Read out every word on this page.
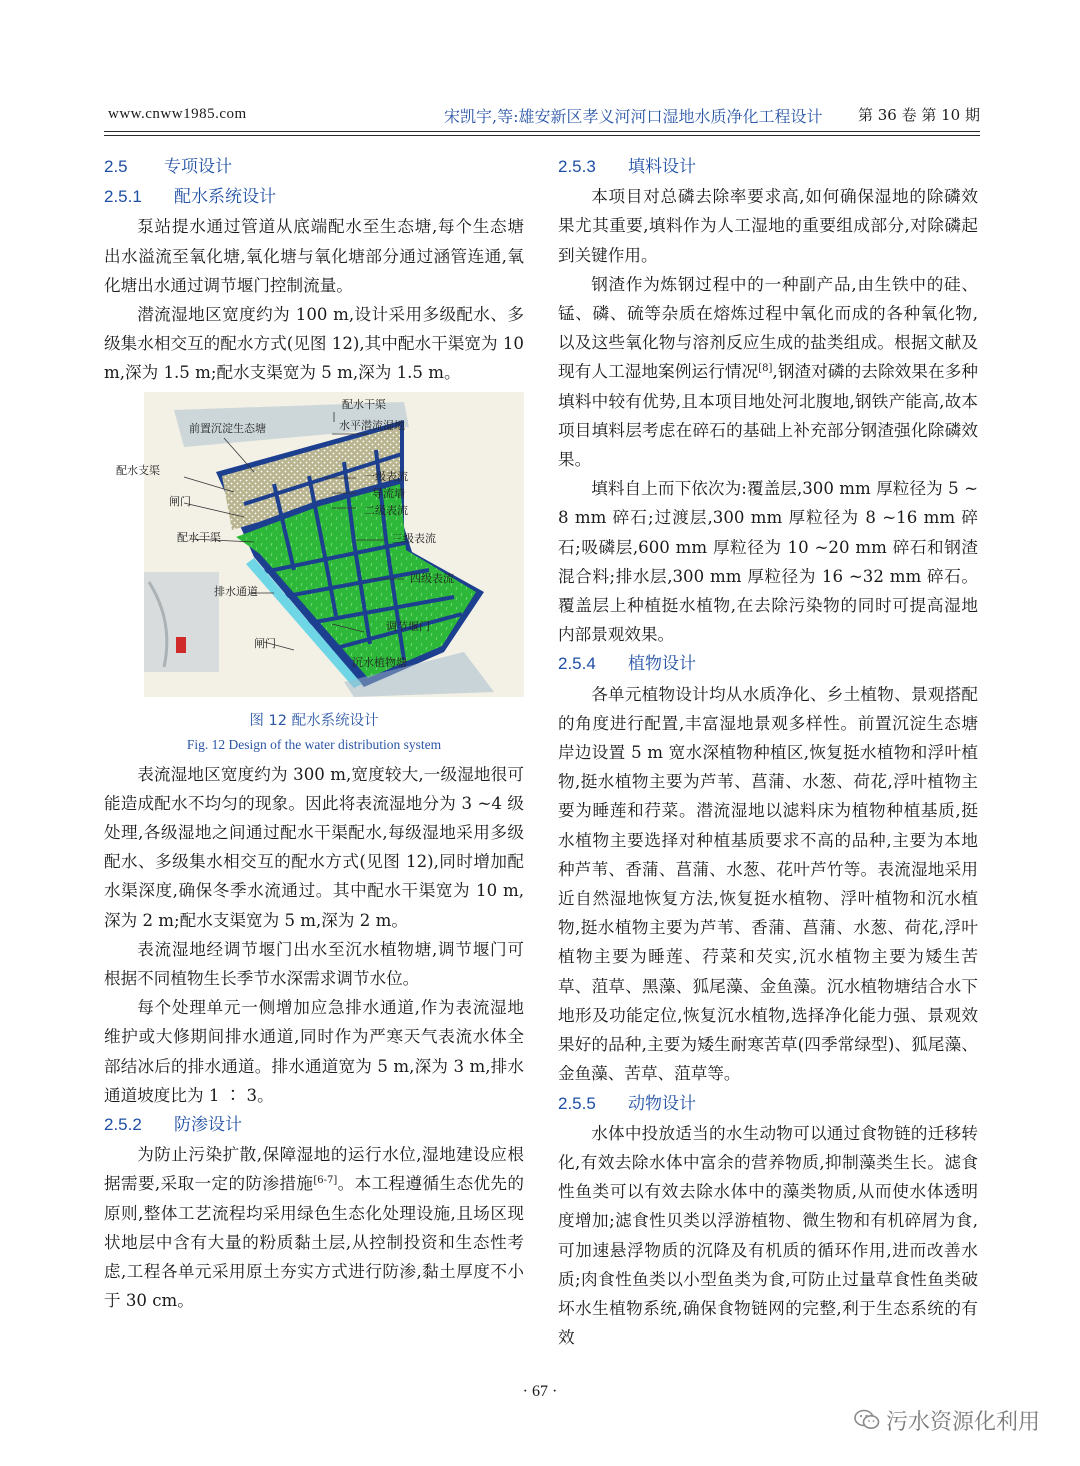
www.cnww1985.com	宋凯宇,等:雄安新区孝义河河口湿地水质净化工程设计 第 36 卷 第 10 期
2.5 专项设计
2.5.1 配水系统设计

泵站提水通过管道从底端配水至生态塘,每个生态塘出水溢流至氧化塘,氧化塘与氧化塘部分通过涵管连通,氧化塘出水通过调节堰门控制流量。

潜流湿地区宽度约为 100 m,设计采用多级配水、多级集水相交互的配水方式(见图 12),其中配水干渠宽为 10 m,深为 1.5 m;配水支渠宽为 5 m,深为 1.5 m。

前置沉淀生态塘
配水干渠
水平潜流湿地
配水支渠	一级表流
导流墙
闸门
二级表流
配水干渠	三级表流
排水通道
四级表流
调节堰门
闸门
沉水植物塘
图 12 配水系统设计
Fig. 12 Design of the water distribution system

表流湿地区宽度约为 300 m,宽度较大,一级湿地很可能造成配水不均匀的现象。因此将表流湿地分为 3 ~4 级处理,各级湿地之间通过配水干渠配水,每级湿地采用多级配水、多级集水相交互的配水方式(见图 12),同时增加配水渠深度,确保冬季水流通过。其中配水干渠宽为 10 m,深为 2 m;配水支渠宽为 5 m,深为 2 m。

表流湿地经调节堰门出水至沉水植物塘,调节堰门可根据不同植物生长季节水深需求调节水位。

每个处理单元一侧增加应急排水通道,作为表流湿地维护或大修期间排水通道,同时作为严寒天气表流水体全部结冰后的排水通道。排水通道宽为 5 m,深为 3 m,排水通道坡度比为 1 ∶ 3。

2.5.2 防渗设计

为防止污染扩散,保障湿地的运行水位,湿地建设应根据需要,采取一定的防渗措施[6-7]。本工程遵循生态优先的原则,整体工艺流程均采用绿色生态化处理设施,且场区现状地层中含有大量的粉质黏土层,从控制投资和生态性考虑,工程各单元采用原土夯实方式进行防渗,黏土厚度不小于 30 cm。

2.5.3 填料设计

本项目对总磷去除率要求高,如何确保湿地的除磷效果尤其重要,填料作为人工湿地的重要组成部分,对除磷起到关键作用。

钢渣作为炼钢过程中的一种副产品,由生铁中的硅、锰、磷、硫等杂质在熔炼过程中氧化而成的各种氧化物,以及这些氧化物与溶剂反应生成的盐类组成。根据文献及现有人工湿地案例运行情况[8],钢渣对磷的去除效果在多种填料中较有优势,且本项目地处河北腹地,钢铁产能高,故本项目填料层考虑在碎石的基础上补充部分钢渣强化除磷效果。

填料自上而下依次为:覆盖层,300 mm 厚粒径为 5 ~8 mm 碎石;过渡层,300 mm 厚粒径为 8 ~16 mm 碎石;吸磷层,600 mm 厚粒径为 10 ~20 mm 碎石和钢渣混合料;排水层,300 mm 厚粒径为 16 ~32 mm 碎石。覆盖层上种植挺水植物,在去除污染物的同时可提高湿地内部景观效果。

2.5.4 植物设计

各单元植物设计均从水质净化、乡土植物、景观搭配的角度进行配置,丰富湿地景观多样性。前置沉淀生态塘岸边设置 5 m 宽水深植物种植区,恢复挺水植物和浮叶植物,挺水植物主要为芦苇、菖蒲、水葱、荷花,浮叶植物主要为睡莲和荇菜。潜流湿地以滤料床为植物种植基质,挺水植物主要选择对种植基质要求不高的品种,主要为本地种芦苇、香蒲、菖蒲、水葱、花叶芦竹等。表流湿地采用近自然湿地恢复方法,恢复挺水植物、浮叶植物和沉水植物,挺水植物主要为芦苇、香蒲、菖蒲、水葱、荷花,浮叶植物主要为睡莲、荇菜和芡实,沉水植物主要为矮生苦草、菹草、黑藻、狐尾藻、金鱼藻。沉水植物塘结合水下地形及功能定位,恢复沉水植物,选择净化能力强、景观效果好的品种,主要为矮生耐寒苦草(四季常绿型)、狐尾藻、金鱼藻、苦草、菹草等。

2.5.5 动物设计

水体中投放适当的水生动物可以通过食物链的迁移转化,有效去除水体中富余的营养物质,抑制藻类生长。滤食性鱼类可以有效去除水体中的藻类物质,从而使水体透明度增加;滤食性贝类以浮游植物、微生物和有机碎屑为食,可加速悬浮物质的沉降及有机质的循环作用,进而改善水质;肉食性鱼类以小型鱼类为食,可防止过量草食性鱼类破坏水生植物系统,确保食物链网的完整,利于生态系统的有效

· 67 ·
污水资源化利用
